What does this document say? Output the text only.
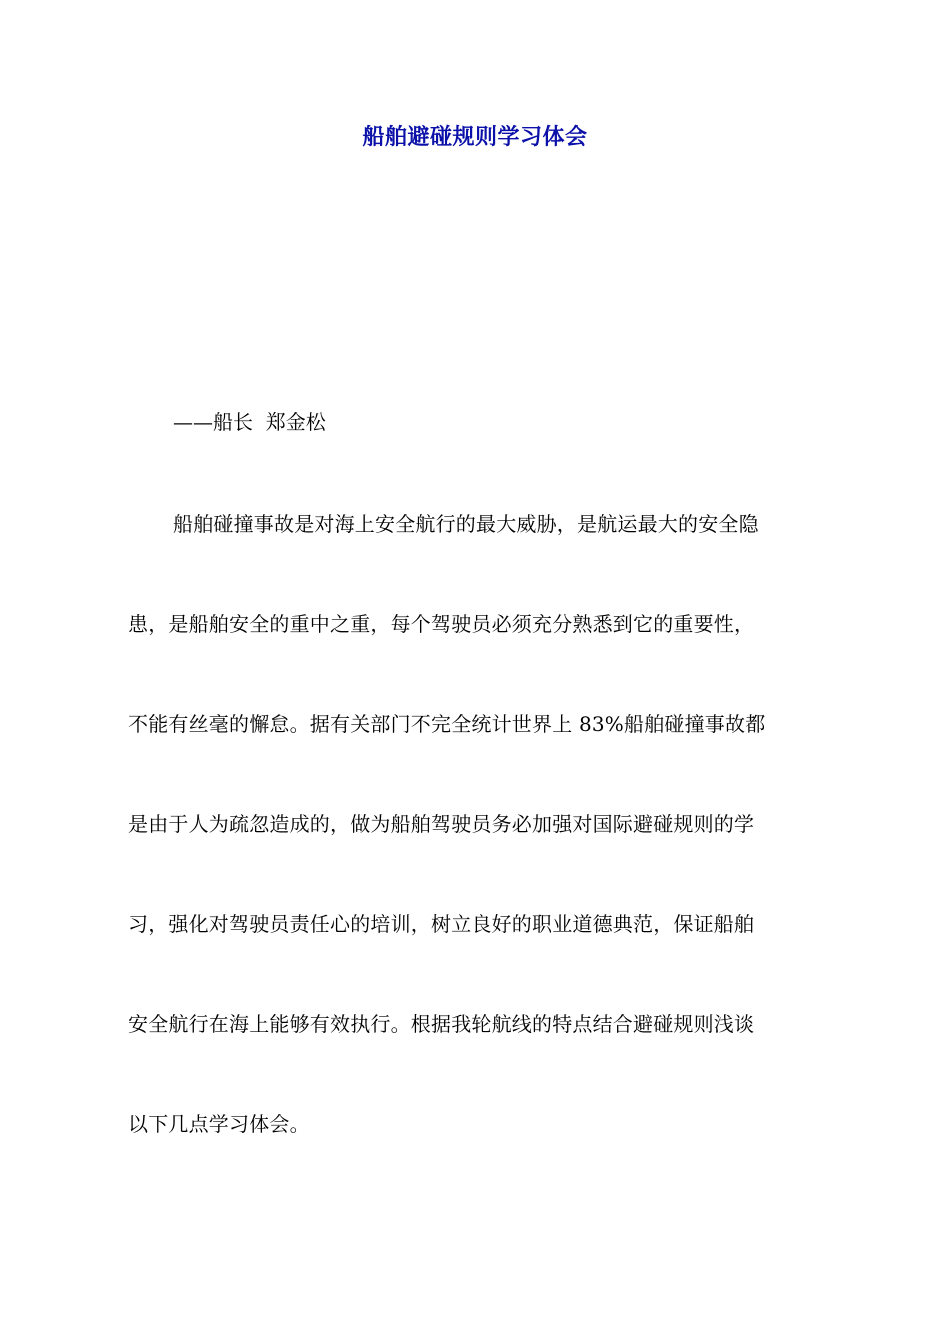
船舶避碰规则学习体会
——船长  郑金松
船舶碰撞事故是对海上安全航行的最大威胁，是航运最大的安全隐
患，是船舶安全的重中之重，每个驾驶员必须充分熟悉到它的重要性，
不能有丝毫的懈怠。据有关部门不完全统计世界上 83%船舶碰撞事故都
是由于人为疏忽造成的，做为船舶驾驶员务必加强对国际避碰规则的学
习，强化对驾驶员责任心的培训，树立良好的职业道德典范，保证船舶
安全航行在海上能够有效执行。根据我轮航线的特点结合避碰规则浅谈
以下几点学习体会。
